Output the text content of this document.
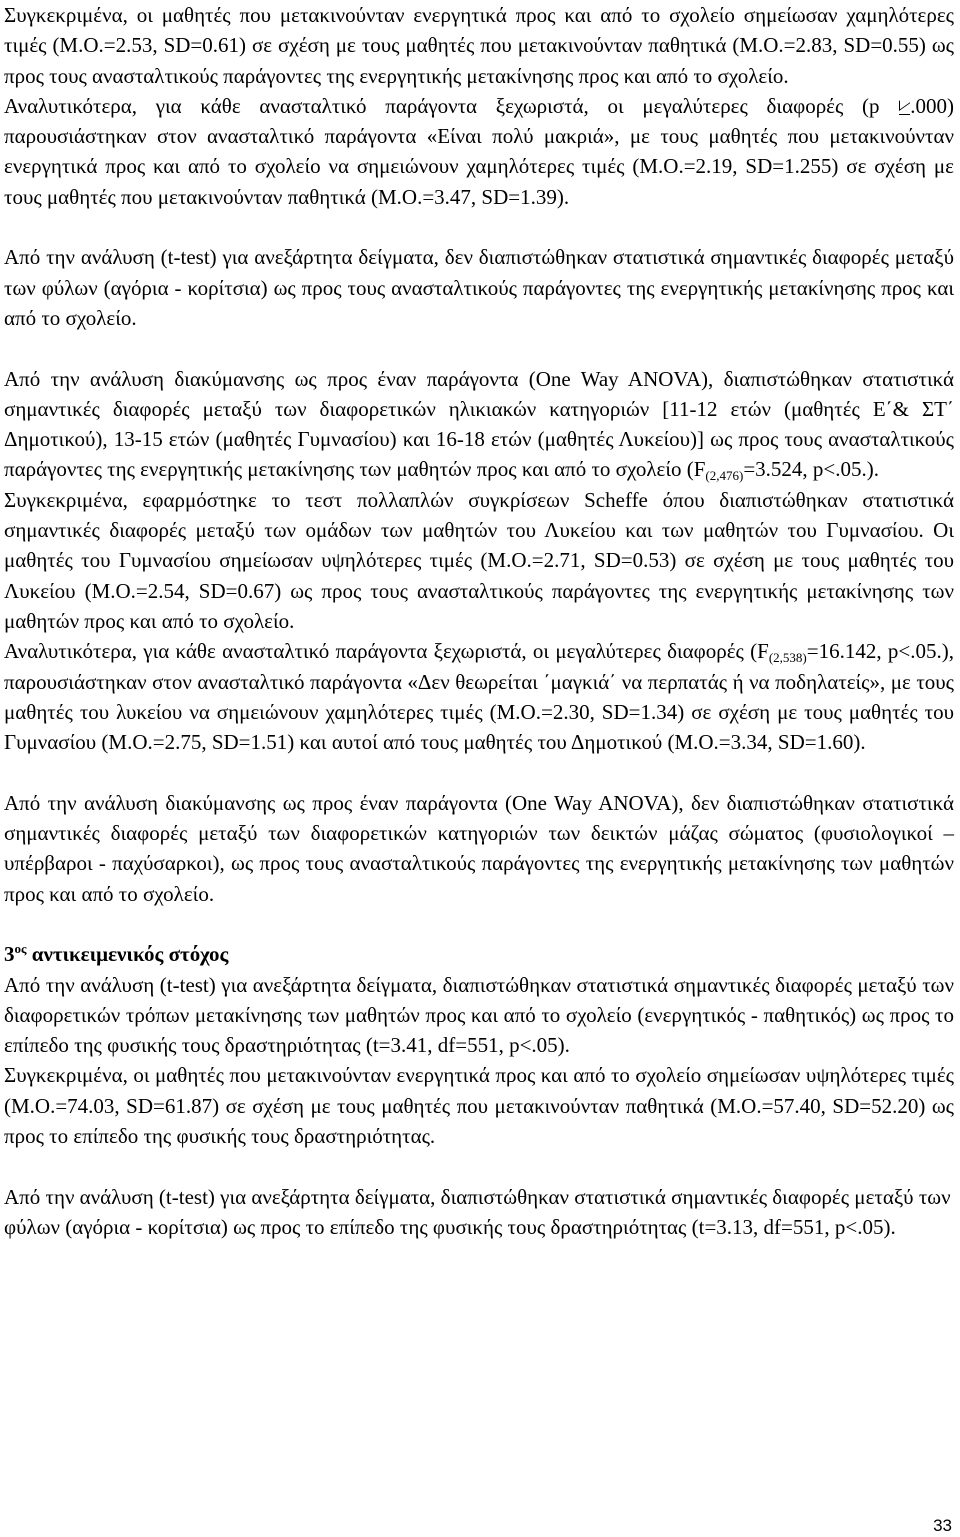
Συγκεκριμένα, οι μαθητές που μετακινούνταν ενεργητικά προς και από το σχολείο σημείωσαν χαμηλότερες τιμές (Μ.Ο.=2.53, SD=0.61) σε σχέση με τους μαθητές που μετακινούνταν παθητικά (Μ.Ο.=2.83, SD=0.55) ως προς τους ανασταλτικούς παράγοντες της ενεργητικής μετακίνησης προς και από το σχολείο.

Αναλυτικότερα, για κάθε ανασταλτικό παράγοντα ξεχωριστά, οι μεγαλύτερες διαφορές (p .000) παρουσιάστηκαν στον ανασταλτικό παράγοντα «Είναι πολύ μακριά», με τους μαθητές που μετακινούνταν ενεργητικά προς και από το σχολείο να σημειώνουν χαμηλότερες τιμές (Μ.Ο.=2.19, SD=1.255) σε σχέση με τους μαθητές που μετακινούνταν παθητικά (Μ.Ο.=3.47, SD=1.39).

Από την ανάλυση (t-test) για ανεξάρτητα δείγματα, δεν διαπιστώθηκαν στατιστικά σημαντικές διαφορές μεταξύ των φύλων (αγόρια - κορίτσια) ως προς τους ανασταλτικούς παράγοντες της ενεργητικής μετακίνησης προς και από το σχολείο.

Από την ανάλυση διακύμανσης ως προς έναν παράγοντα (One Way ANOVA), διαπιστώθηκαν στατιστικά σημαντικές διαφορές μεταξύ των διαφορετικών ηλικιακών κατηγοριών [11-12 ετών (μαθητές Ε΄& ΣΤ΄ Δημοτικού), 13-15 ετών (μαθητές Γυμνασίου) και 16-18 ετών (μαθητές Λυκείου)] ως προς τους ανασταλτικούς παράγοντες της ενεργητικής μετακίνησης των μαθητών προς και από το σχολείο ($F_{(2,476)}=3.524$, p<.05.).

Συγκεκριμένα, εφαρμόστηκε το τεστ πολλαπλών συγκρίσεων Scheffe όπου διαπιστώθηκαν στατιστικά σημαντικές διαφορές μεταξύ των ομάδων των μαθητών του Λυκείου και των μαθητών του Γυμνασίου. Οι μαθητές του Γυμνασίου σημείωσαν υψηλότερες τιμές (Μ.Ο.=2.71, SD=0.53) σε σχέση με τους μαθητές του Λυκείου (Μ.Ο.=2.54, SD=0.67) ως προς τους ανασταλτικούς παράγοντες της ενεργητικής μετακίνησης των μαθητών προς και από το σχολείο.

Αναλυτικότερα, για κάθε ανασταλτικό παράγοντα ξεχωριστά, οι μεγαλύτερες διαφορές ($F_{(2,538)}=16.142$, p<.05.), παρουσιάστηκαν στον ανασταλτικό παράγοντα «Δεν θεωρείται ΄μαγκιά΄ να περπατάς ή να ποδηλατείς», με τους μαθητές του λυκείου να σημειώνουν χαμηλότερες τιμές (Μ.Ο.=2.30, SD=1.34) σε σχέση με τους μαθητές του Γυμνασίου (Μ.Ο.=2.75, SD=1.51) και αυτοί από τους μαθητές του Δημοτικού (Μ.Ο.=3.34, SD=1.60).

Από την ανάλυση διακύμανσης ως προς έναν παράγοντα (One Way ANOVA), δεν διαπιστώθηκαν στατιστικά σημαντικές διαφορές μεταξύ των διαφορετικών κατηγοριών των δεικτών μάζας σώματος (φυσιολογικοί – υπέρβαροι - παχύσαρκοι), ως προς τους ανασταλτικούς παράγοντες της ενεργητικής μετακίνησης των μαθητών προς και από το σχολείο.

$3^{o\varsigma}$ αντικειμενικός στόχος

Από την ανάλυση (t-test) για ανεξάρτητα δείγματα, διαπιστώθηκαν στατιστικά σημαντικές διαφορές μεταξύ των διαφορετικών τρόπων μετακίνησης των μαθητών προς και από το σχολείο (ενεργητικός - παθητικός) ως προς το επίπεδο της φυσικής τους δραστηριότητας (t=3.41, df=551, p<.05).

Συγκεκριμένα, οι μαθητές που μετακινούνταν ενεργητικά προς και από το σχολείο σημείωσαν υψηλότερες τιμές (Μ.Ο.=74.03, SD=61.87) σε σχέση με τους μαθητές που μετακινούνταν παθητικά (Μ.Ο.=57.40, SD=52.20) ως προς το επίπεδο της φυσικής τους δραστηριότητας.

Από την ανάλυση (t-test) για ανεξάρτητα δείγματα, διαπιστώθηκαν στατιστικά σημαντικές διαφορές μεταξύ των φύλων (αγόρια - κορίτσια) ως προς το επίπεδο της φυσικής τους δραστηριότητας (t=3.13, df=551, p<.05).

33
